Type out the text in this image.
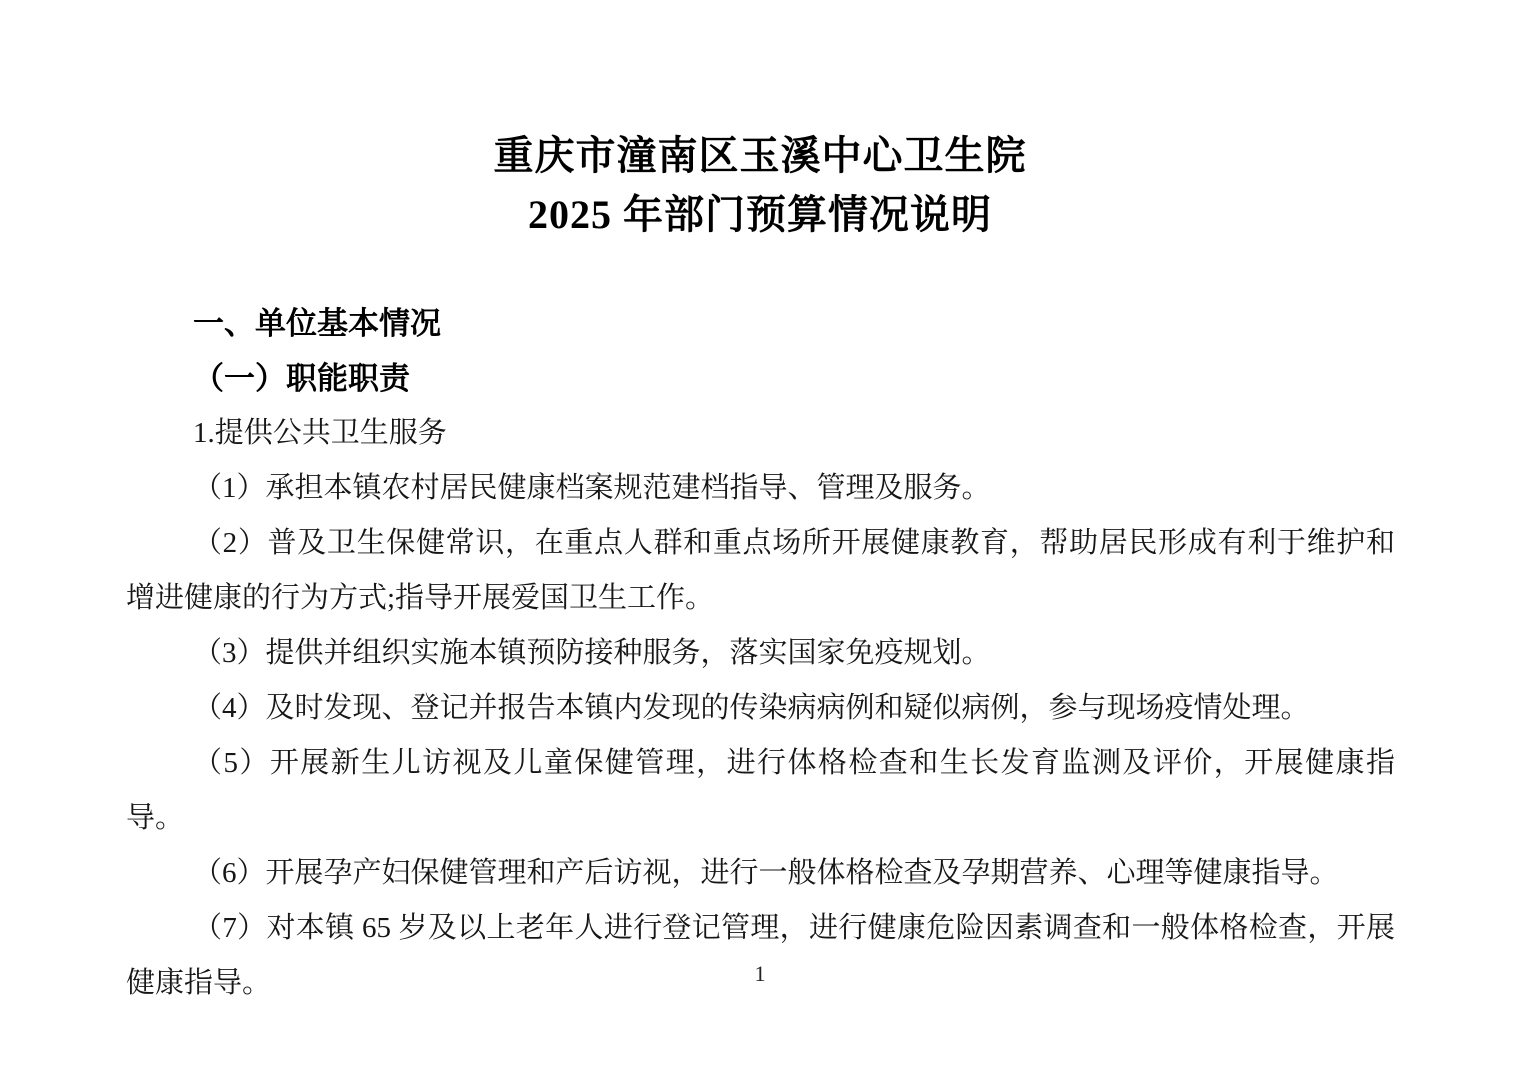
重庆市潼南区玉溪中心卫生院
2025 年部门预算情况说明

一、单位基本情况

（一）职能职责

1.提供公共卫生服务

（1）承担本镇农村居民健康档案规范建档指导、管理及服务。

（2）普及卫生保健常识，在重点人群和重点场所开展健康教育，帮助居民形成有利于维护和增进健康的行为方式;指导开展爱国卫生工作。

（3）提供并组织实施本镇预防接种服务，落实国家免疫规划。

（4）及时发现、登记并报告本镇内发现的传染病病例和疑似病例，参与现场疫情处理。

（5）开展新生儿访视及儿童保健管理，进行体格检查和生长发育监测及评价，开展健康指导。

（6）开展孕产妇保健管理和产后访视，进行一般体格检查及孕期营养、心理等健康指导。

（7）对本镇 65 岁及以上老年人进行登记管理，进行健康危险因素调查和一般体格检查，开展健康指导。	1
